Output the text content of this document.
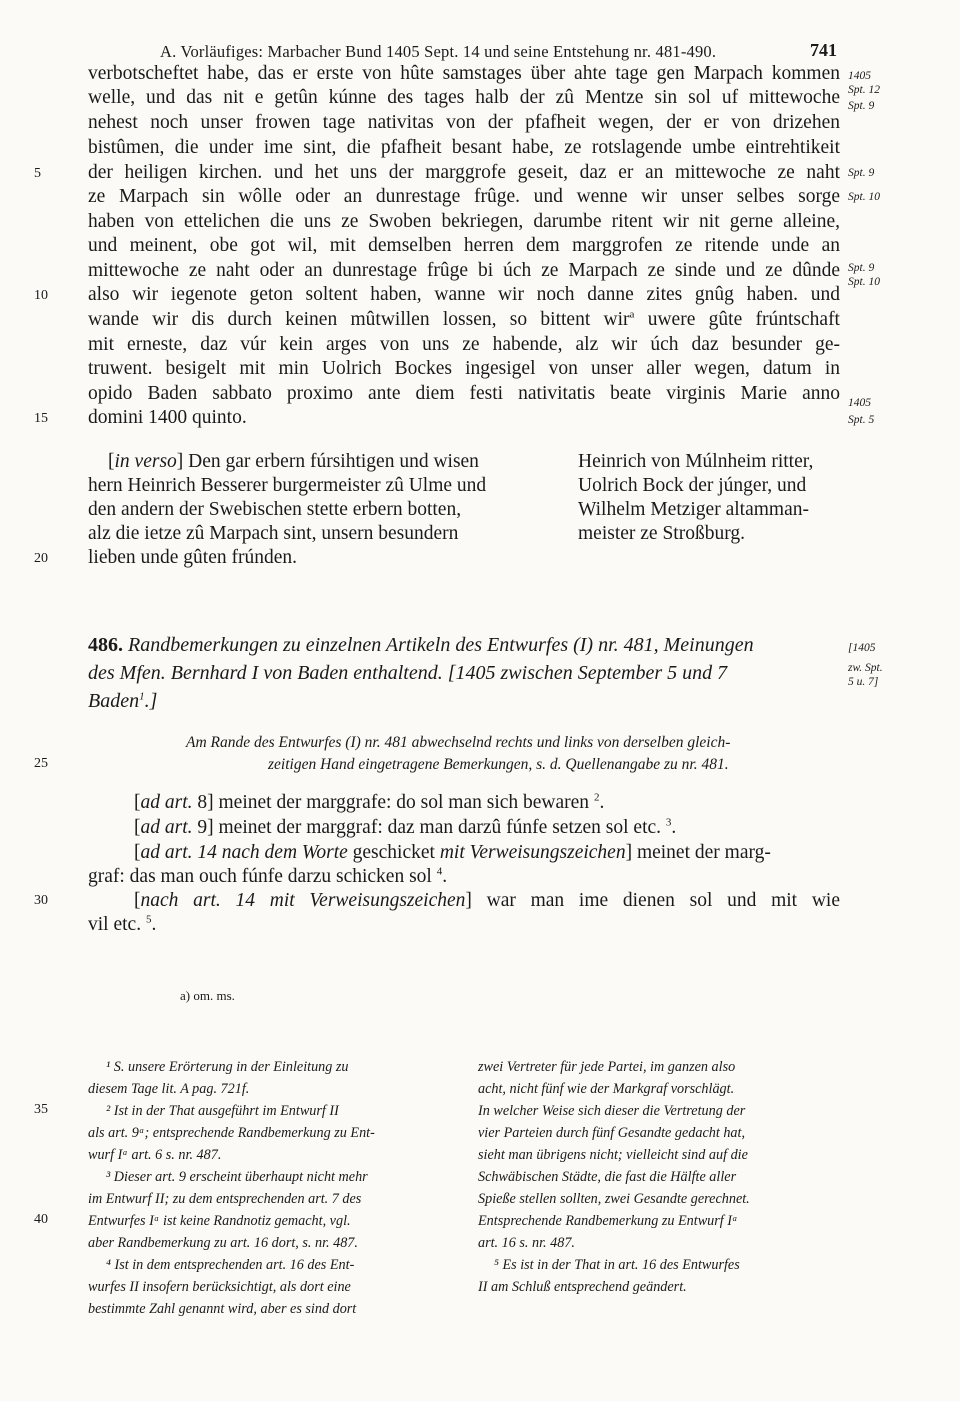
A. Vorläufiges: Marbacher Bund 1405 Sept. 14 und seine Entstehung nr. 481-490.	741
verbotscheftet habe, das er erste von hûte samstages über ahte tage gen Marpach kommen
welle, und das nit e getûn kúnne des tages halb der zû Mentze sin sol uf mittewoche
nehest noch unser frowen tage nativitas von der pfafheit wegen, der er von drizehen
bistûmen, die under ime sint, die pfafheit besant habe, ze rotslagende umbe eintrehtikeit
der heiligen kirchen. und het uns der marggrofe geseit, daz er an mittewoche ze naht
ze Marpach sin wôlle oder an dunrestage frûge. und wenne wir unser selbes sorge
haben von ettelichen die uns ze Swoben bekriegen, darumbe ritent wir nit gerne alleine,
und meinent, obe got wil, mit demselben herren dem marggrofen ze ritende unde an
mittewoche ze naht oder an dunrestage frûge bi úch ze Marpach ze sinde und ze dûnde
also wir iegenote geton soltent haben, wanne wir noch danne zites gnûg haben. und
wande wir dis durch keinen mûtwillen lossen, so bittent wir$^a$ uwere gûte frúntschaft
mit erneste, daz vúr kein arges von uns ze habende, alz wir úch daz besunder ge-
truwent. besigelt mit min Uolrich Bockes ingesigel von unser aller wegen, datum in
opido Baden sabbato proximo ante diem festi nativitatis beate virginis Marie anno
domini 1400 quinto.
5
10
15
1405
Spt. 12
Spt. 9
Spt. 9
Spt. 10
Spt. 9
Spt. 10
1405
Spt. 5
[in verso] Den gar erbern fúrsihtigen und wisen
hern Heinrich Besserer burgermeister zû Ulme und
den andern der Swebischen stette erbern botten,
alz die ietze zû Marpach sint, unsern besundern
lieben unde gûten frúnden.
20
Heinrich von Múlnheim ritter,
Uolrich Bock der júnger, und
Wilhelm Metziger altamman-
meister ze Stroßburg.
486. Randbemerkungen zu einzelnen Artikeln des Entwurfes (I) nr. 481, Meinungen
des Mfen. Bernhard I von Baden enthaltend. [1405 zwischen September 5 und 7
Baden$^1$.]
[1405
zw. Spt.
5 u. 7]
Am Rande des Entwurfes (I) nr. 481 abwechselnd rechts und links von derselben gleich-
zeitigen Hand eingetragene Bemerkungen, s. d. Quellenangabe zu nr. 481.
25
[ad art. 8] meinet der marggrafe: do sol man sich bewaren $^2$.
[ad art. 9] meinet der marggraf: daz man darzû fúnfe setzen sol etc. $^3$.
[ad art. 14 nach dem Worte geschicket mit Verweisungszeichen] meinet der marg-
graf: das man ouch fúnfe darzu schicken sol $^4$.
[nach art. 14 mit Verweisungszeichen] war man ime dienen sol und mit wie
vil etc. $^5$.
30
a) om. ms.
¹ S. unsere Erörterung in der Einleitung zu
diesem Tage lit. A pag. 721f.
² Ist in der That ausgeführt im Entwurf II
als art. 9ᵃ; entsprechende Randbemerkung zu Ent-
wurf Iᵃ art. 6 s. nr. 487.
³ Dieser art. 9 erscheint überhaupt nicht mehr
im Entwurf II; zu dem entsprechenden art. 7 des
Entwurfes Iᵃ ist keine Randnotiz gemacht, vgl.
aber Randbemerkung zu art. 16 dort, s. nr. 487.
⁴ Ist in dem entsprechenden art. 16 des Ent-
wurfes II insofern berücksichtigt, als dort eine
bestimmte Zahl genannt wird, aber es sind dort
35
40
zwei Vertreter für jede Partei, im ganzen also
acht, nicht fünf wie der Markgraf vorschlägt.
In welcher Weise sich dieser die Vertretung der
vier Parteien durch fünf Gesandte gedacht hat,
sieht man übrigens nicht; vielleicht sind auf die
Schwäbischen Städte, die fast die Hälfte aller
Spieße stellen sollten, zwei Gesandte gerechnet.
Entsprechende Randbemerkung zu Entwurf Iᵃ
art. 16 s. nr. 487.
⁵ Es ist in der That in art. 16 des Entwurfes
II am Schluß entsprechend geändert.
